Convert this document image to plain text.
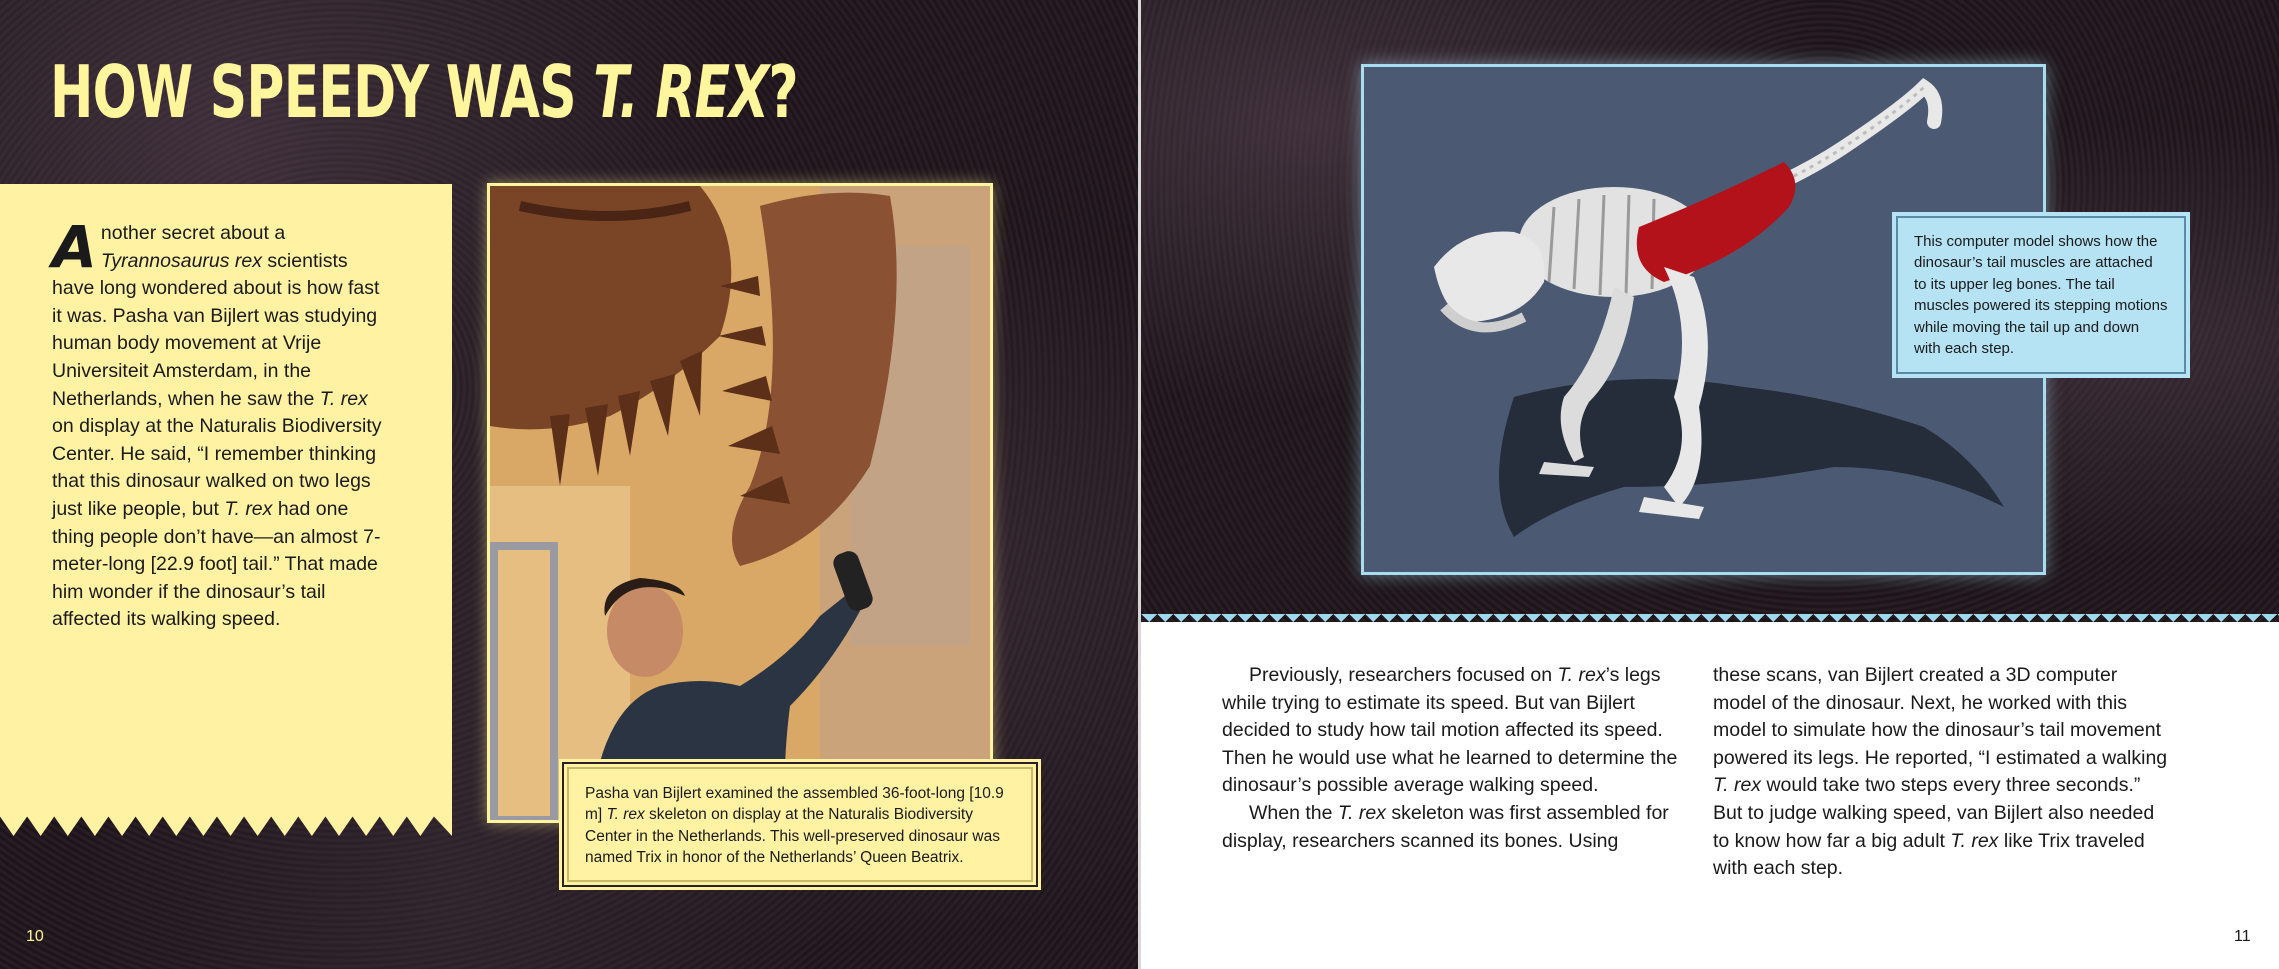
HOW SPEEDY WAS T. REX?
Another secret about a Tyrannosaurus rex scientists have long wondered about is how fast it was. Pasha van Bijlert was studying human body movement at Vrije Universiteit Amsterdam, in the Netherlands, when he saw the T. rex on display at the Naturalis Biodiversity Center. He said, “I remember thinking that this dinosaur walked on two legs just like people, but T. rex had one thing people don’t have—an almost 7-meter-long [22.9 foot] tail.” That made him wonder if the dinosaur’s tail affected its walking speed.
Pasha van Bijlert examined the assembled 36-foot-long [10.9 m] T. rex skeleton on display at the Naturalis Biodiversity Center in the Netherlands. This well-preserved dinosaur was named Trix in honor of the Netherlands’ Queen Beatrix.
10
This computer model shows how the dinosaur’s tail muscles are attached to its upper leg bones. The tail muscles powered its stepping motions while moving the tail up and down with each step.

Previously, researchers focused on T. rex’s legs while trying to estimate its speed. But van Bijlert decided to study how tail motion affected its speed. Then he would use what he learned to determine the dinosaur’s possible average walking speed.

When the T. rex skeleton was first assembled for display, researchers scanned its bones. Using

these scans, van Bijlert created a 3D computer model of the dinosaur. Next, he worked with this model to simulate how the dinosaur’s tail movement powered its legs. He reported, “I estimated a walking T. rex would take two steps every three seconds.” But to judge walking speed, van Bijlert also needed to know how far a big adult T. rex like Trix traveled with each step.

11
